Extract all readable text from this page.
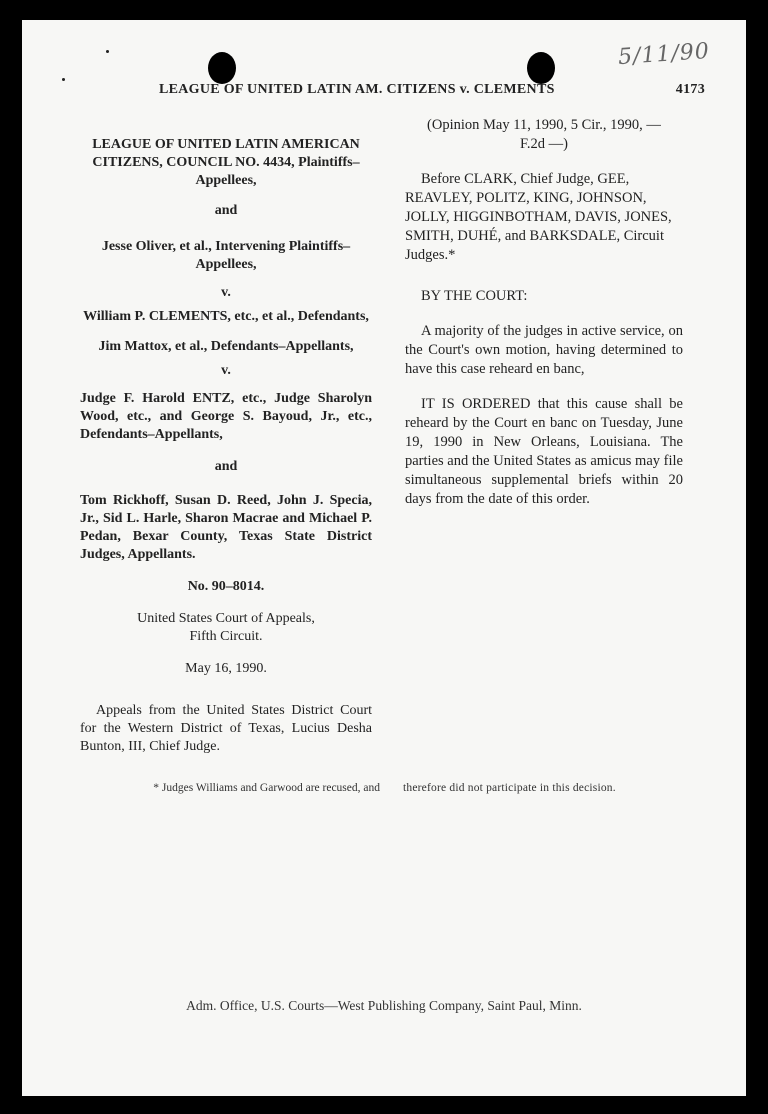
5/11/90
LEAGUE OF UNITED LATIN AM. CITIZENS v. CLEMENTS	4173
LEAGUE OF UNITED LATIN AMERICAN CITIZENS, COUNCIL NO. 4434, Plaintiffs–Appellees,
and
Jesse Oliver, et al., Intervening Plaintiffs–Appellees,
v.
William P. CLEMENTS, etc., et al., Defendants,
Jim Mattox, et al., Defendants–Appellants,
v.
Judge F. Harold ENTZ, etc., Judge Sharolyn Wood, etc., and George S. Bayoud, Jr., etc., Defendants–Appellants,
and
Tom Rickhoff, Susan D. Reed, John J. Specia, Jr., Sid L. Harle, Sharon Macrae and Michael P. Pedan, Bexar County, Texas State District Judges, Appellants.
No. 90–8014.
United States Court of Appeals, Fifth Circuit.
May 16, 1990.
Appeals from the United States District Court for the Western District of Texas, Lucius Desha Bunton, III, Chief Judge.
(Opinion May 11, 1990, 5 Cir., 1990, — F.2d —)
Before CLARK, Chief Judge, GEE, REAVLEY, POLITZ, KING, JOHNSON, JOLLY, HIGGINBOTHAM, DAVIS, JONES, SMITH, DUHÉ, and BARKSDALE, Circuit Judges.*
BY THE COURT:
A majority of the judges in active service, on the Court's own motion, having determined to have this case reheard en banc,
IT IS ORDERED that this cause shall be reheard by the Court en banc on Tuesday, June 19, 1990 in New Orleans, Louisiana. The parties and the United States as amicus may file simultaneous supplemental briefs within 20 days from the date of this order.
* Judges Williams and Garwood are recused, and therefore did not participate in this decision.
Adm. Office, U.S. Courts—West Publishing Company, Saint Paul, Minn.
